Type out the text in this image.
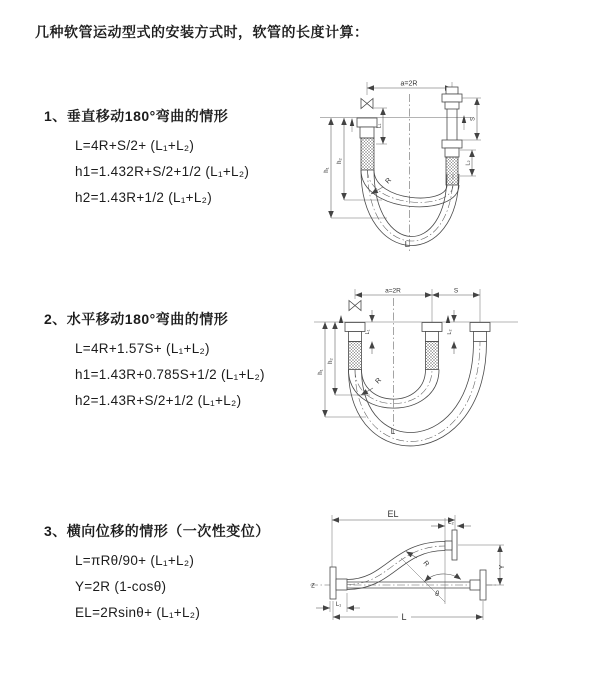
几种软管运动型式的安装方式时，软管的长度计算：
1、垂直移动180°弯曲的情形
L=4R+S/2+ (L₁+L₂)
h1=1.432R+S/2+1/2 (L₁+L₂)
h2=1.43R+1/2 (L₁+L₂)
2、水平移动180°弯曲的情形
L=4R+1.57S+ (L₁+L₂)
h1=1.43R+0.785S+1/2 (L₁+L₂)
h2=1.43R+S/2+1/2 (L₁+L₂)
3、横向位移的情形（一次性变位）
L=πRθ/90+ (L₁+L₂)
Y=2R (1-cosθ)
EL=2Rsinθ+ (L₁+L₂)
a=2R
L₁
S
L₂
h₁
h₂
R
L
a=2R	S
L₁	L₂
h₁
h₂
R
L
EL
L₂
Y
Z
θ
R
L₁
L
